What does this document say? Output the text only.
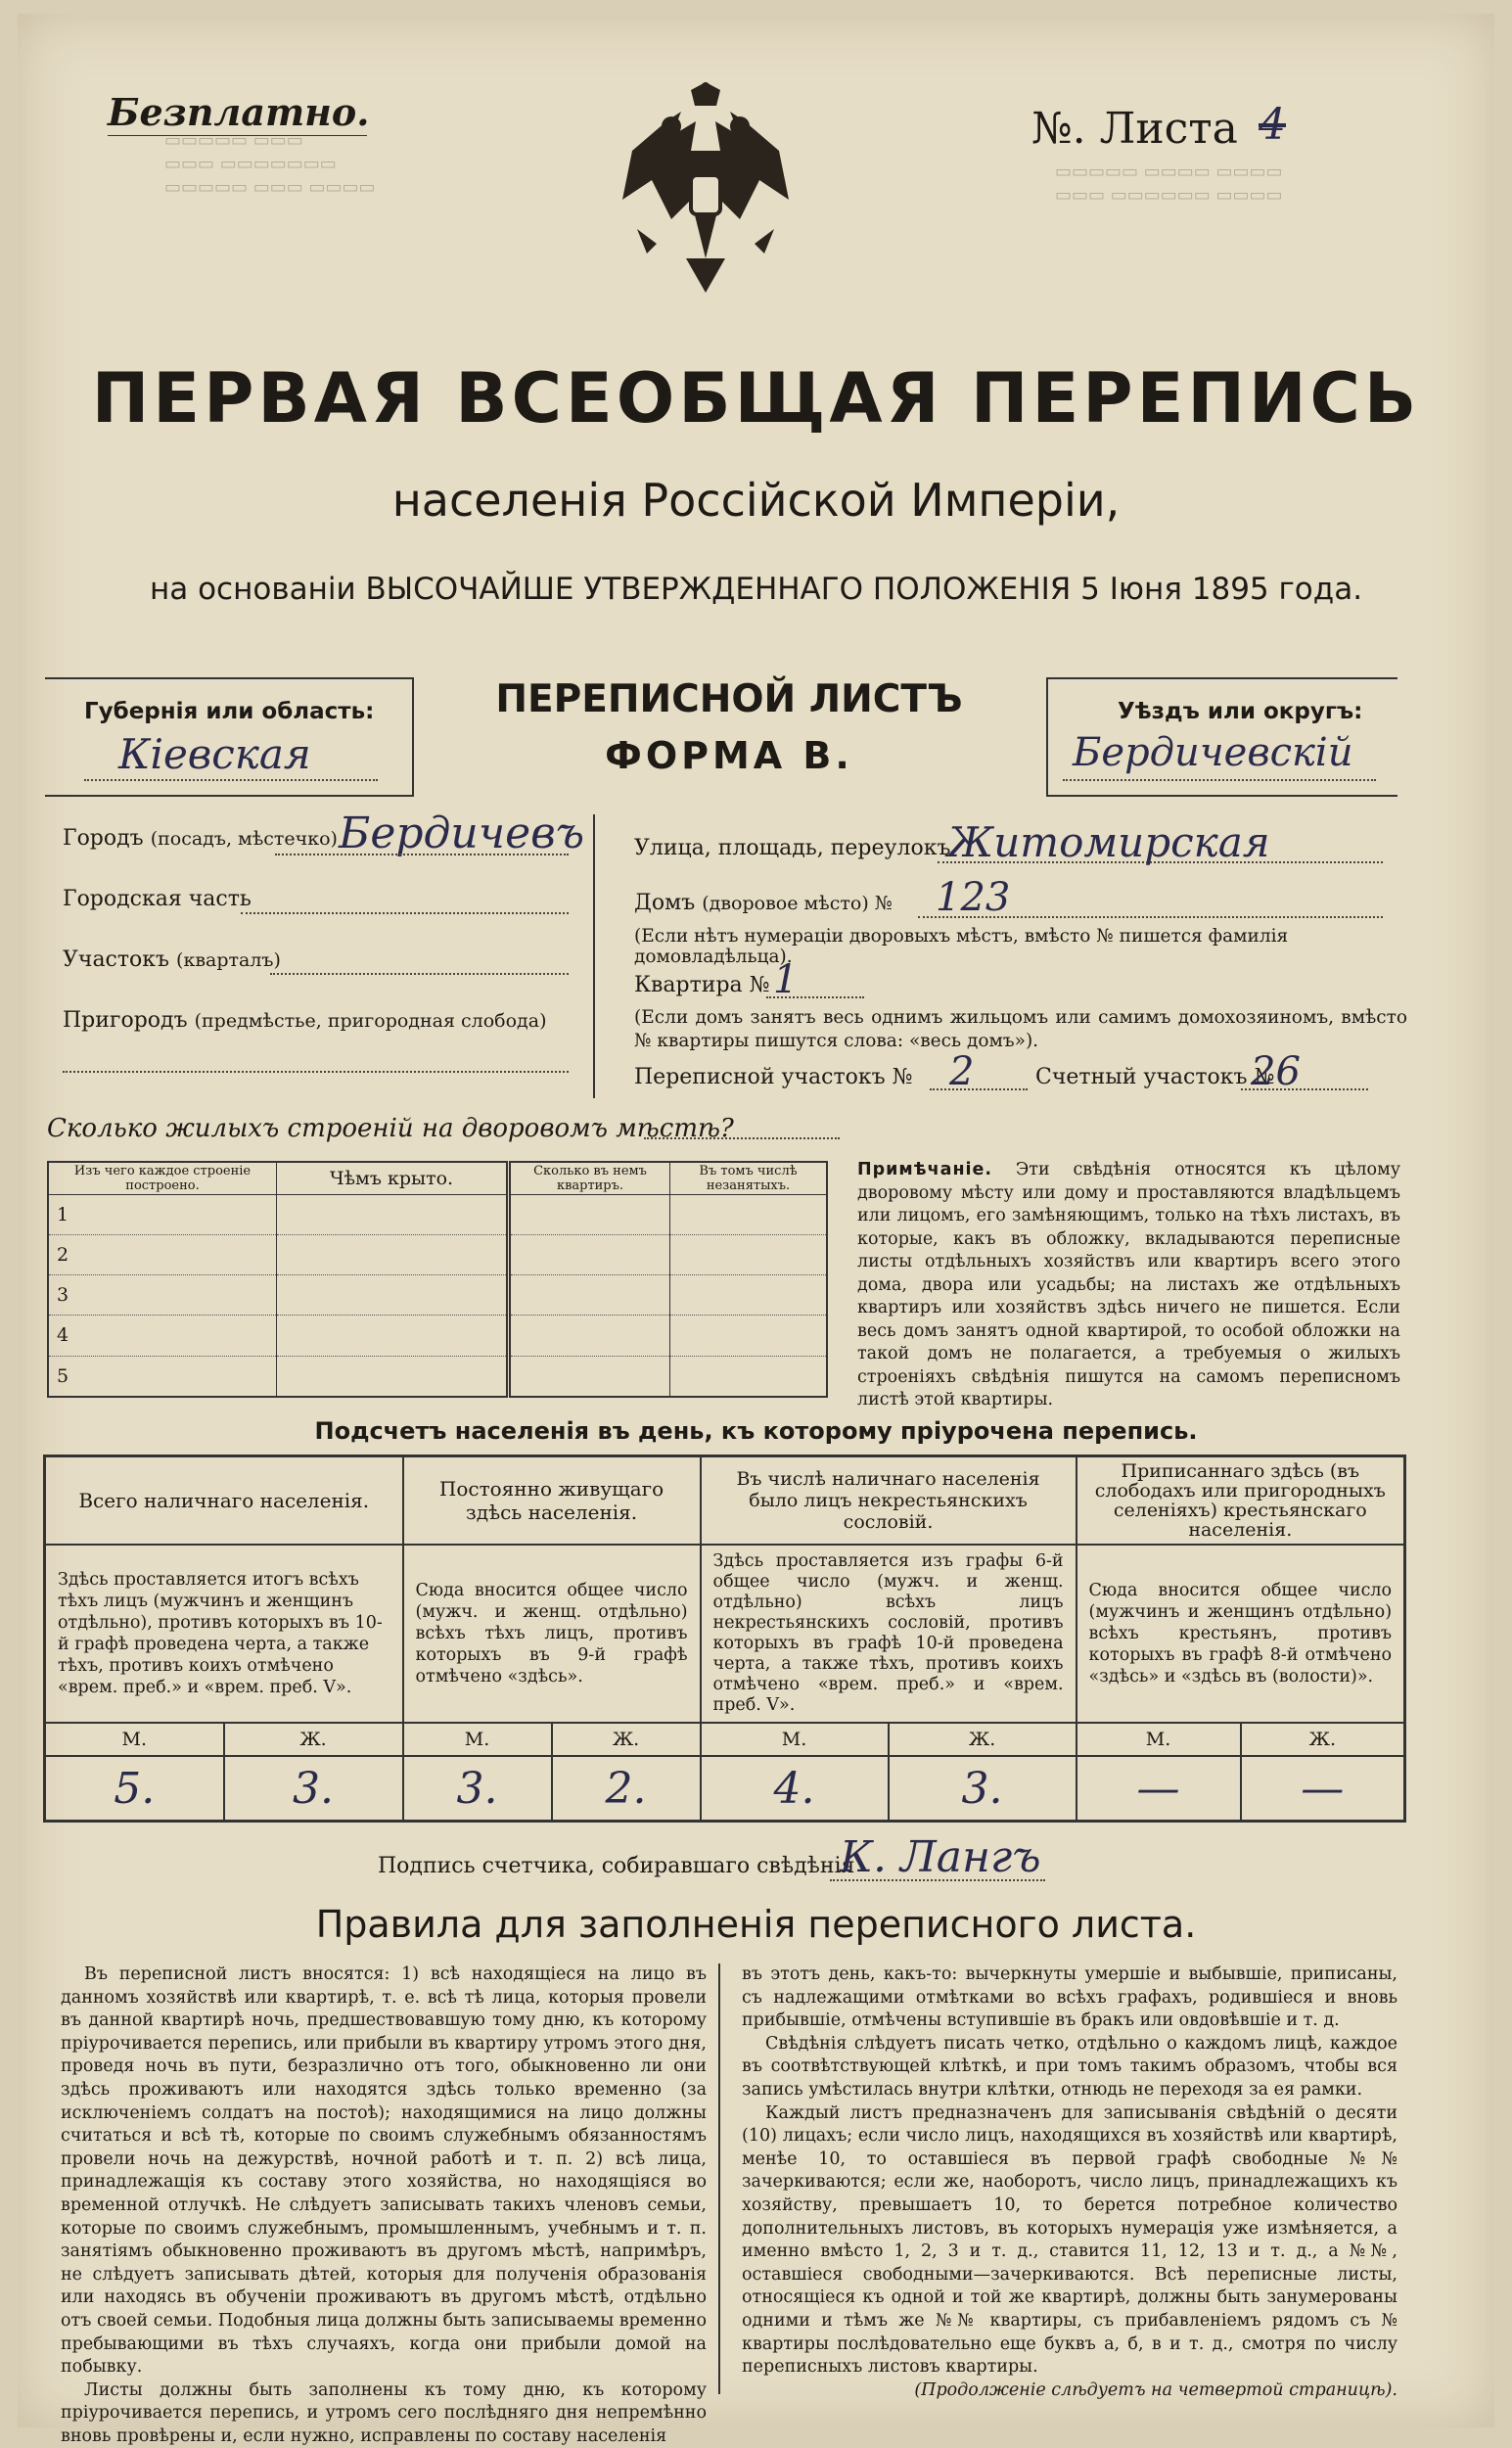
▭▭▭▭▭ ▭▭▭
▭▭▭ ▭▭▭▭▭▭▭
▭▭▭▭▭ ▭▭▭ ▭▭▭▭
▭▭▭▭▭ ▭▭▭▭ ▭▭▭▭
▭▭▭ ▭▭▭▭▭▭ ▭▭▭▭
Безплатно.	№. Листа 4
ПЕРВАЯ ВСЕОБЩАЯ ПЕРЕПИСЬ
населенія Россійской Имперіи,
на основаніи ВЫСОЧАЙШЕ УТВЕРЖДЕННАГО ПОЛОЖЕНІЯ 5 Іюня 1895 года.
Губернія или область:
Кіевская
Уѣздъ или округъ:
Бердичевскій
ПЕРЕПИСНОЙ ЛИСТЪ
ФОРМА В.
Городъ (посадъ, мѣстечко) Бердичевъ
Городская часть
Участокъ (кварталъ)
Пригородъ (предмѣстье, пригородная слобода)
Улица, площадь, переулокъ
Житомирская
Домъ (дворовое мѣсто) № 123
(Если нѣтъ нумераціи дворовыхъ мѣстъ, вмѣсто № пишется фамилія домовладѣльца).
Квартира № 1
(Если домъ занятъ весь однимъ жильцомъ или самимъ домохозяиномъ, вмѣсто № квартиры пишутся слова: «весь домъ»).
Переписной участокъ № 2	Счетный участокъ №
26
Сколько жилыхъ строеній на дворовомъ мѣстѣ?
Изъ чего каждое строеніе построено.	Чѣмъ крыто.	Сколько въ немъ квартиръ.	Въ томъ числѣ незанятыхъ.
1			
2			
3			
4			
5			
Примѣчаніе. Эти свѣдѣнія относятся къ цѣлому дворовому мѣсту или дому и проставляются владѣльцемъ или лицомъ, его замѣняющимъ, только на тѣхъ листахъ, въ которые, какъ въ обложку, вкладываются переписные листы отдѣльныхъ хозяйствъ или квартиръ всего этого дома, двора или усадьбы; на листахъ же отдѣльныхъ квартиръ или хозяйствъ здѣсь ничего не пишется. Если весь домъ занятъ одной квартирой, то особой обложки на такой домъ не полагается, а требуемыя о жилыхъ строеніяхъ свѣдѣнія пишутся на самомъ переписномъ листѣ этой квартиры.
Подсчетъ населенія въ день, къ которому пріурочена перепись.
Всего наличнаго населенія.		Постоянно живущаго здѣсь населенія.		Въ числѣ наличнаго населенія было лицъ некрестьянскихъ сословій.		Приписаннаго здѣсь (въ слободахъ или пригородныхъ селеніяхъ) крестьянскаго населенія.	
Здѣсь проставляется итогъ всѣхъ тѣхъ лицъ (мужчинъ и женщинъ отдѣльно), противъ которыхъ въ 10-й графѣ проведена черта, а также тѣхъ, противъ коихъ отмѣчено «врем. преб.» и «врем. преб. V».		Сюда вносится общее число (мужч. и женщ. отдѣльно) всѣхъ тѣхъ лицъ, противъ которыхъ въ 9-й графѣ отмѣчено «здѣсь».		Здѣсь проставляется изъ графы 6-й общее число (мужч. и женщ. отдѣльно) всѣхъ лицъ некрестьянскихъ сословій, противъ которыхъ въ графѣ 10-й проведена черта, а также тѣхъ, противъ коихъ отмѣчено «врем. преб.» и «врем. преб. V».		Сюда вносится общее число (мужчинъ и женщинъ отдѣльно) всѣхъ крестьянъ, противъ которыхъ въ графѣ 8-й отмѣчено «здѣсь» и «здѣсь въ (волости)».	
М.	Ж.	М.	Ж.	М.	Ж.	М.	Ж.
5.	3.	3.	2.	4.	3.	—	—
Подпись счетчика, собиравшаго свѣдѣнія
К. Лангъ
Правила для заполненія переписного листа.
Въ переписной листъ вносятся: 1) всѣ находящіеся на лицо въ данномъ хозяйствѣ или квартирѣ, т. е. всѣ тѣ лица, которыя провели въ данной квартирѣ ночь, предшествовавшую тому дню, къ которому пріурочивается перепись, или прибыли въ квартиру утромъ этого дня, проведя ночь въ пути, безразлично отъ того, обыкновенно ли они здѣсь проживаютъ или находятся здѣсь только временно (за исключеніемъ солдатъ на постоѣ); находящимися на лицо должны считаться и всѣ тѣ, которые по своимъ служебнымъ обязанностямъ провели ночь на дежурствѣ, ночной работѣ и т. п. 2) всѣ лица, принадлежащія къ составу этого хозяйства, но находящіяся во временной отлучкѣ. Не слѣдуетъ записывать такихъ членовъ семьи, которые по своимъ служебнымъ, промышленнымъ, учебнымъ и т. п. занятіямъ обыкновенно проживаютъ въ другомъ мѣстѣ, напримѣръ, не слѣдуетъ записывать дѣтей, которыя для полученія образованія или находясь въ обученіи проживаютъ въ другомъ мѣстѣ, отдѣльно отъ своей семьи. Подобныя лица должны быть записываемы временно пребывающими въ тѣхъ случаяхъ, когда они прибыли домой на побывку.
Листы должны быть заполнены къ тому дню, къ которому пріурочивается перепись, и утромъ сего послѣдняго дня непремѣнно вновь провѣрены и, если нужно, исправлены по составу населенія
въ этотъ день, какъ-то: вычеркнуты умершіе и выбывшіе, приписаны, съ надлежащими отмѣтками во всѣхъ графахъ, родившіеся и вновь прибывшіе, отмѣчены вступившіе въ бракъ или овдовѣвшіе и т. д.
Свѣдѣнія слѣдуетъ писать четко, отдѣльно о каждомъ лицѣ, каждое въ соотвѣтствующей клѣткѣ, и при томъ такимъ образомъ, чтобы вся запись умѣстилась внутри клѣтки, отнюдь не переходя за ея рамки.
Каждый листъ предназначенъ для записыванія свѣдѣній о десяти (10) лицахъ; если число лицъ, находящихся въ хозяйствѣ или квартирѣ, менѣе 10, то оставшіеся въ первой графѣ свободные №№ зачеркиваются; если же, наоборотъ, число лицъ, принадлежащихъ къ хозяйству, превышаетъ 10, то берется потребное количество дополнительныхъ листовъ, въ которыхъ нумерація уже измѣняется, а именно вмѣсто 1, 2, 3 и т. д., ставится 11, 12, 13 и т. д., а №№, оставшіеся свободными—зачеркиваются. Всѣ переписные листы, относящіеся къ одной и той же квартирѣ, должны быть занумерованы одними и тѣмъ же №№ квартиры, съ прибавленіемъ рядомъ съ № квартиры послѣдовательно еще буквъ а, б, в и т. д., смотря по числу переписныхъ листовъ квартиры.
(Продолженіе слѣдуетъ на четвертой страницѣ).
